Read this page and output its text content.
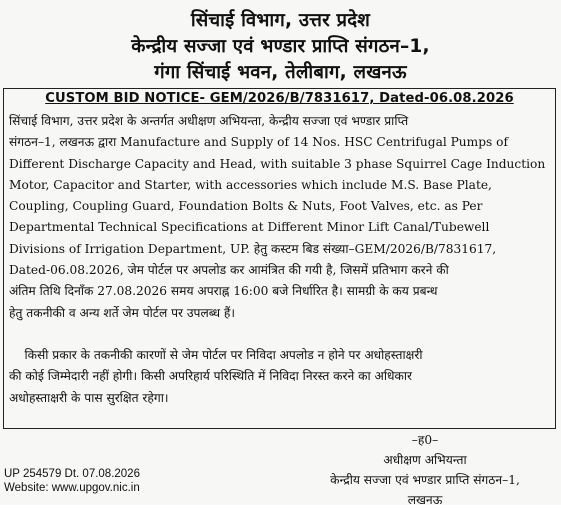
सिंचाई विभाग, उत्तर प्रदेश
केन्द्रीय सज्जा एवं भण्डार प्राप्ति संगठन–1,
गंगा सिंचाई भवन, तेलीबाग, लखनऊ
CUSTOM BID NOTICE- GEM/2026/B/7831617, Dated-06.08.2026
सिंचाई विभाग, उत्तर प्रदेश के अन्तर्गत अधीक्षण अभियन्ता, केन्द्रीय सज्जा एवं भण्डार प्राप्ति
संगठन–1, लखनऊ द्वारा Manufacture and Supply of 14 Nos. HSC Centrifugal Pumps of
Different Discharge Capacity and Head, with suitable 3 phase Squirrel Cage Induction
Motor, Capacitor and Starter, with accessories which include M.S. Base Plate,
Coupling, Coupling Guard, Foundation Bolts & Nuts, Foot Valves, etc. as Per
Departmental Technical Specifications at Different Minor Lift Canal/Tubewell
Divisions of Irrigation Department, UP. हेतु कस्टम बिड संख्या–GEM/2026/B/7831617,
Dated-06.08.2026, जेम पोर्टल पर अपलोड कर आमंत्रित की गयी है, जिसमें प्रतिभाग करने की
अंतिम तिथि दिनॉंक 27.08.2026 समय अपराह्न 16:00 बजे निर्धारित है। सामग्री के कय प्रबन्ध
हेतु तकनीकी व अन्य शर्ते जेम पोर्टल पर उपलब्ध हैं।
किसी प्रकार के तकनीकी कारणों से जेम पोर्टल पर निविदा अपलोड न होने पर अधोहस्ताक्षरी
की कोई जिम्मेदारी नहीं होगी। किसी अपरिहार्य परिस्थिति में निविदा निरस्त करने का अधिकार
अधोहस्ताक्षरी के पास सुरक्षित रहेगा।
–ह0–
अधीक्षण अभियन्ता
केन्द्रीय सज्जा एवं भण्डार प्राप्ति संगठन–1,
लखनऊ
UP 254579 Dt. 07.08.2026
Website: www.upgov.nic.in
